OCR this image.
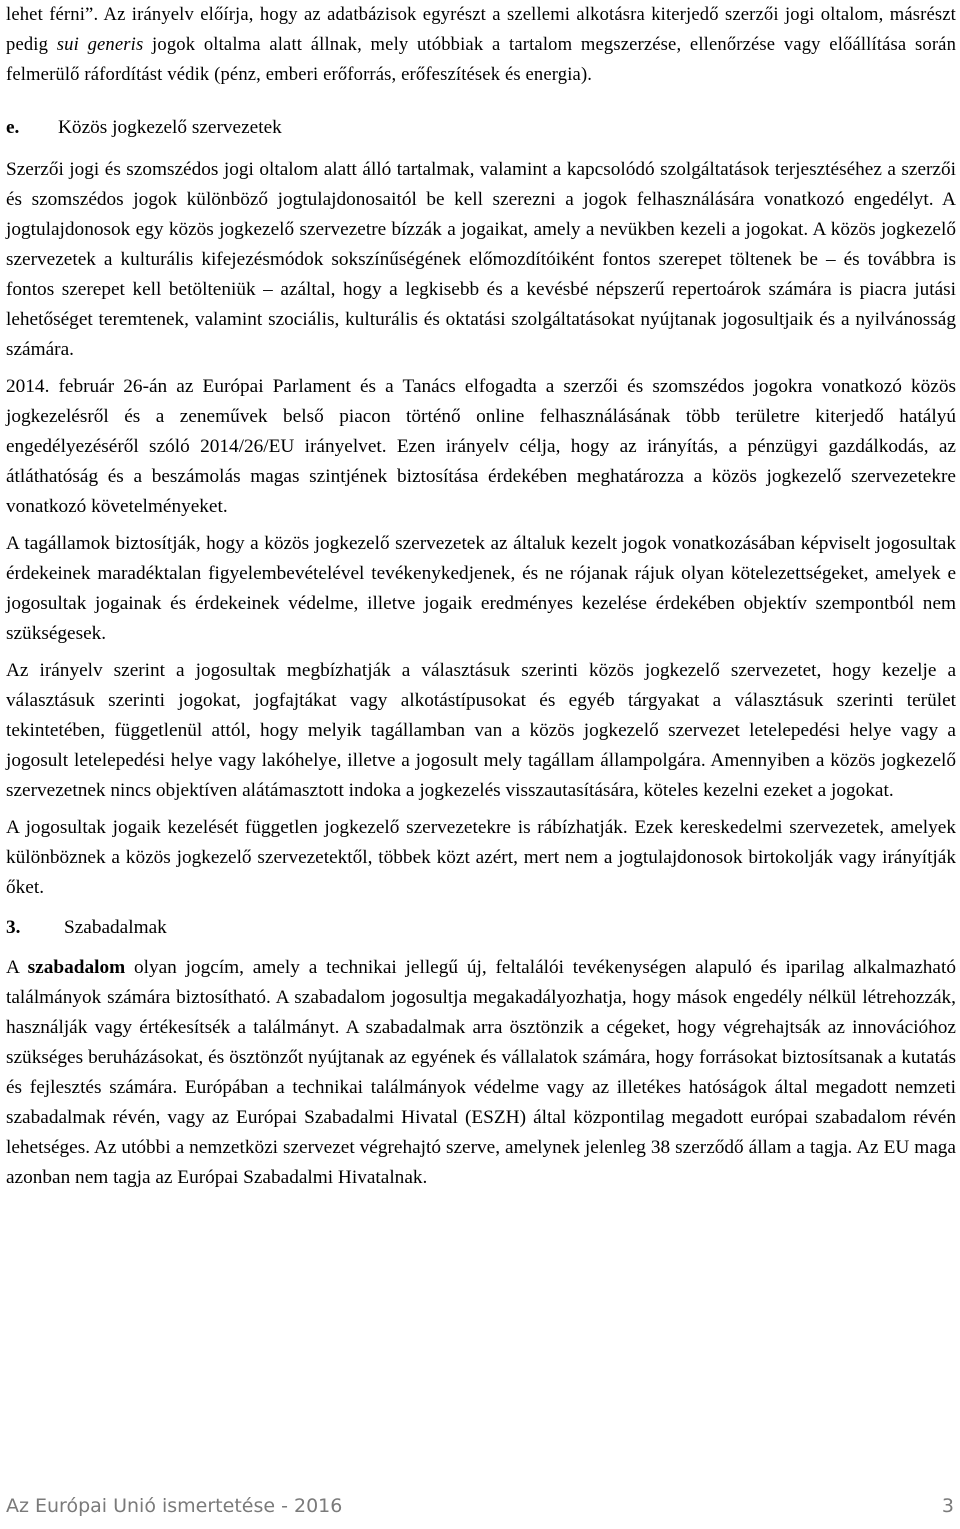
lehet férni”. Az irányelv előírja, hogy az adatbázisok egyrészt a szellemi alkotásra kiterjedő szerzői jogi oltalom, másrészt pedig sui generis jogok oltalma alatt állnak, mely utóbbiak a tartalom megszerzése, ellenőrzése vagy előállítása során felmerülő ráfordítást védik (pénz, emberi erőforrás, erőfeszítések és energia).

e. Közös jogkezelő szervezetek

Szerzői jogi és szomszédos jogi oltalom alatt álló tartalmak, valamint a kapcsolódó szolgáltatások terjesztéséhez a szerzői és szomszédos jogok különböző jogtulajdonosaitól be kell szerezni a jogok felhasználására vonatkozó engedélyt. A jogtulajdonosok egy közös jogkezelő szervezetre bízzák a jogaikat, amely a nevükben kezeli a jogokat. A közös jogkezelő szervezetek a kulturális kifejezésmódok sokszínűségének előmozdítóiként fontos szerepet töltenek be – és továbbra is fontos szerepet kell betölteniük – azáltal, hogy a legkisebb és a kevésbé népszerű repertoárok számára is piacra jutási lehetőséget teremtenek, valamint szociális, kulturális és oktatási szolgáltatásokat nyújtanak jogosultjaik és a nyilvánosság számára.

2014. február 26-án az Európai Parlament és a Tanács elfogadta a szerzői és szomszédos jogokra vonatkozó közös jogkezelésről és a zeneművek belső piacon történő online felhasználásának több területre kiterjedő hatályú engedélyezéséről szóló 2014/26/EU irányelvet. Ezen irányelv célja, hogy az irányítás, a pénzügyi gazdálkodás, az átláthatóság és a beszámolás magas szintjének biztosítása érdekében meghatározza a közös jogkezelő szervezetekre vonatkozó követelményeket.

A tagállamok biztosítják, hogy a közös jogkezelő szervezetek az általuk kezelt jogok vonatkozásában képviselt jogosultak érdekeinek maradéktalan figyelembevételével tevékenykedjenek, és ne rójanak rájuk olyan kötelezettségeket, amelyek e jogosultak jogainak és érdekeinek védelme, illetve jogaik eredményes kezelése érdekében objektív szempontból nem szükségesek.

Az irányelv szerint a jogosultak megbízhatják a választásuk szerinti közös jogkezelő szervezetet, hogy kezelje a választásuk szerinti jogokat, jogfajtákat vagy alkotástípusokat és egyéb tárgyakat a választásuk szerinti terület tekintetében, függetlenül attól, hogy melyik tagállamban van a közös jogkezelő szervezet letelepedési helye vagy a jogosult letelepedési helye vagy lakóhelye, illetve a jogosult mely tagállam állampolgára. Amennyiben a közös jogkezelő szervezetnek nincs objektíven alátámasztott indoka a jogkezelés visszautasítására, köteles kezelni ezeket a jogokat.

A jogosultak jogaik kezelését független jogkezelő szervezetekre is rábízhatják. Ezek kereskedelmi szervezetek, amelyek különböznek a közös jogkezelő szervezetektől, többek közt azért, mert nem a jogtulajdonosok birtokolják vagy irányítják őket.

3. Szabadalmak

A szabadalom olyan jogcím, amely a technikai jellegű új, feltalálói tevékenységen alapuló és iparilag alkalmazható találmányok számára biztosítható. A szabadalom jogosultja megakadályozhatja, hogy mások engedély nélkül létrehozzák, használják vagy értékesítsék a találmányt. A szabadalmak arra ösztönzik a cégeket, hogy végrehajtsák az innovációhoz szükséges beruházásokat, és ösztönzőt nyújtanak az egyének és vállalatok számára, hogy forrásokat biztosítsanak a kutatás és fejlesztés számára. Európában a technikai találmányok védelme vagy az illetékes hatóságok által megadott nemzeti szabadalmak révén, vagy az Európai Szabadalmi Hivatal (ESZH) által központilag megadott európai szabadalom révén lehetséges. Az utóbbi a nemzetközi szervezet végrehajtó szerve, amelynek jelenleg 38 szerződő állam a tagja. Az EU maga azonban nem tagja az Európai Szabadalmi Hivatalnak.

Az Európai Unió ismertetése - 2016	3
